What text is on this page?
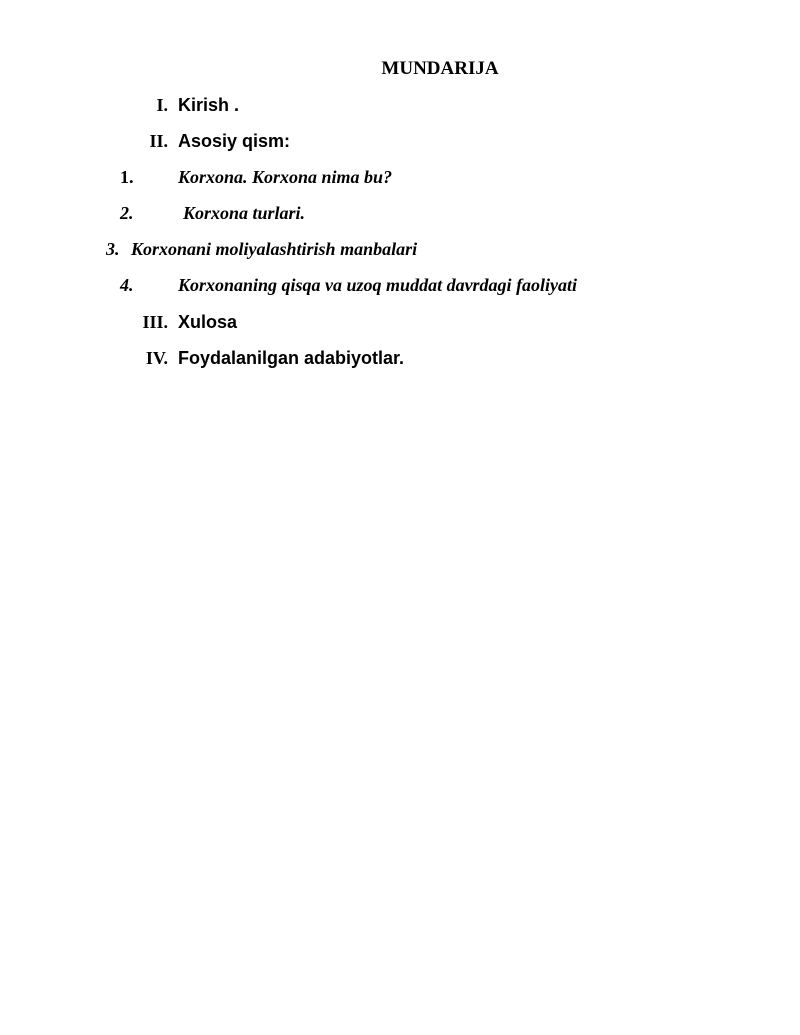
MUNDARIJA
I. Kirish .
II. Asosiy qism:
1. Korxona. Korxona nima bu?
2.	Korxona turlari.
3. Korxonani moliyalashtirish manbalari
4. Korxonaning qisqa va uzoq muddat davrdagi faoliyati
III. Xulosa
IV. Foydalanilgan adabiyotlar.
